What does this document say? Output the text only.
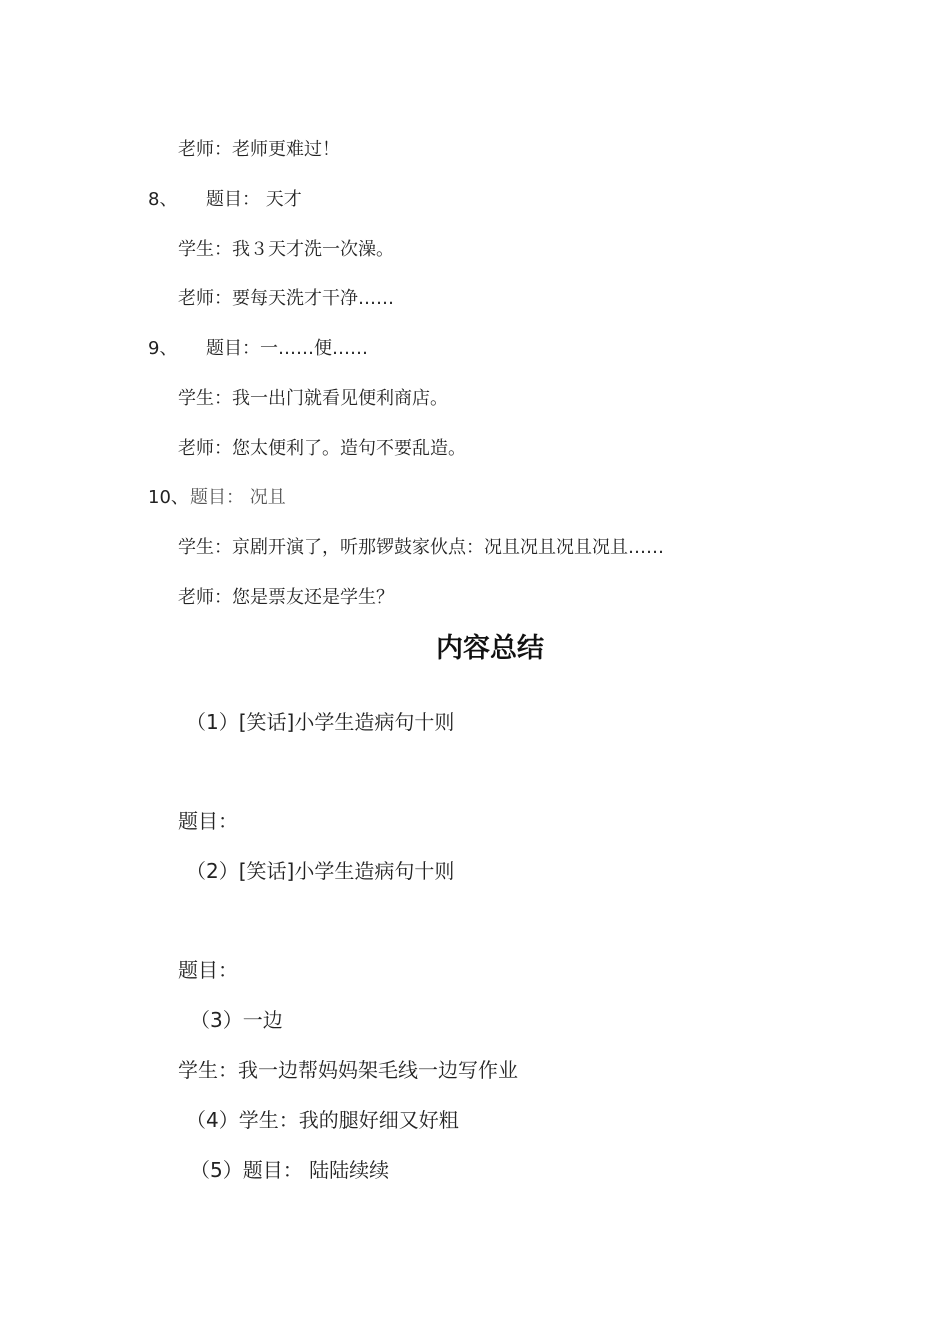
老师：老师更难过！
8、 题目： 天才
学生：我３天才洗一次澡。
老师：要每天洗才干净……
9、 题目：一……便……
学生：我一出门就看见便利商店。
老师：您太便利了。造句不要乱造。
10、 题目： 况且
学生：京剧开演了，听那锣鼓家伙点：况且况且况且况且……
老师：您是票友还是学生？
内容总结
（1）[笑话]小学生造病句十则
题目：
（2）[笑话]小学生造病句十则
题目：
（3）一边
学生：我一边帮妈妈架毛线一边写作业
（4）学生：我的腿好细又好粗
（5）题目： 陆陆续续
